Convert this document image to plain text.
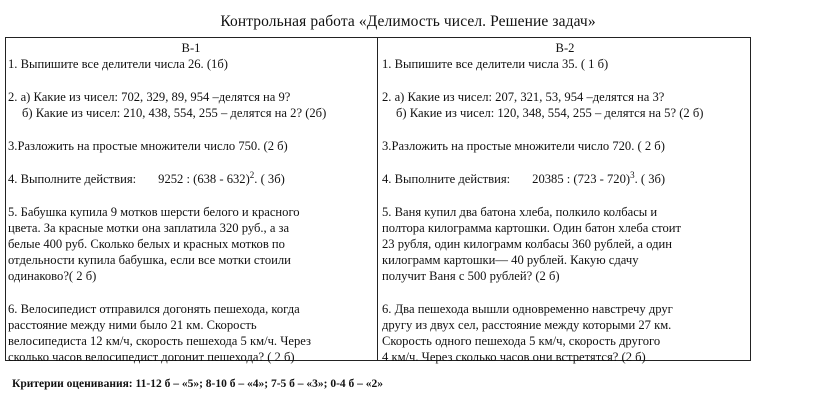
Контрольная работа «Делимость чисел. Решение задач»
В-1
1. Выпишите все делители числа 26. (1б)
2. а) Какие из чисел: 702, 329, 89, 954 –делятся на 9?
б) Какие из чисел: 210, 438, 554, 255 – делятся на 2? (2б)
3.Разложить на простые множители число 750. (2 б)
4. Выполните действия: 9252 : (638 - 632)$^2$. ( 3б)
5. Бабушка купила 9 мотков шерсти белого и красного
цвета. За красные мотки она заплатила 320 руб., а за
белые 400 руб. Сколько белых и красных мотков по
отдельности купила бабушка, если все мотки стоили
одинаково?( 2 б)
6. Велосипедист отправился догонять пешехода, когда
расстояние между ними было 21 км. Скорость
велосипедиста 12 км/ч, скорость пешехода 5 км/ч. Через
сколько часов велосипедист догонит пешехода? ( 2 б)
В-2
1. Выпишите все делители числа 35. ( 1 б)
2. а) Какие из чисел: 207, 321, 53, 954 –делятся на 3?
б) Какие из чисел: 120, 348, 554, 255 – делятся на 5? (2 б)
3.Разложить на простые множители число 720. ( 2 б)
4. Выполните действия: 20385 : (723 - 720)$^3$. ( 3б)
5. Ваня купил два батона хлеба, полкило колбасы и
полтора килограмма картошки. Один батон хлеба стоит
23 рубля, один килограмм колбасы 360 рублей, а один
килограмм картошки— 40 рублей. Какую сдачу
получит Ваня с 500 рублей? (2 б)
6. Два пешехода вышли одновременно навстречу друг
другу из двух сел, расстояние между которыми 27 км.
Скорость одного пешехода 5 км/ч, скорость другого
4 км/ч. Через сколько часов они встретятся? (2 б)
Критерии оценивания: 11-12 б – «5»; 8-10 б – «4»; 7-5 б – «3»; 0-4 б – «2»
